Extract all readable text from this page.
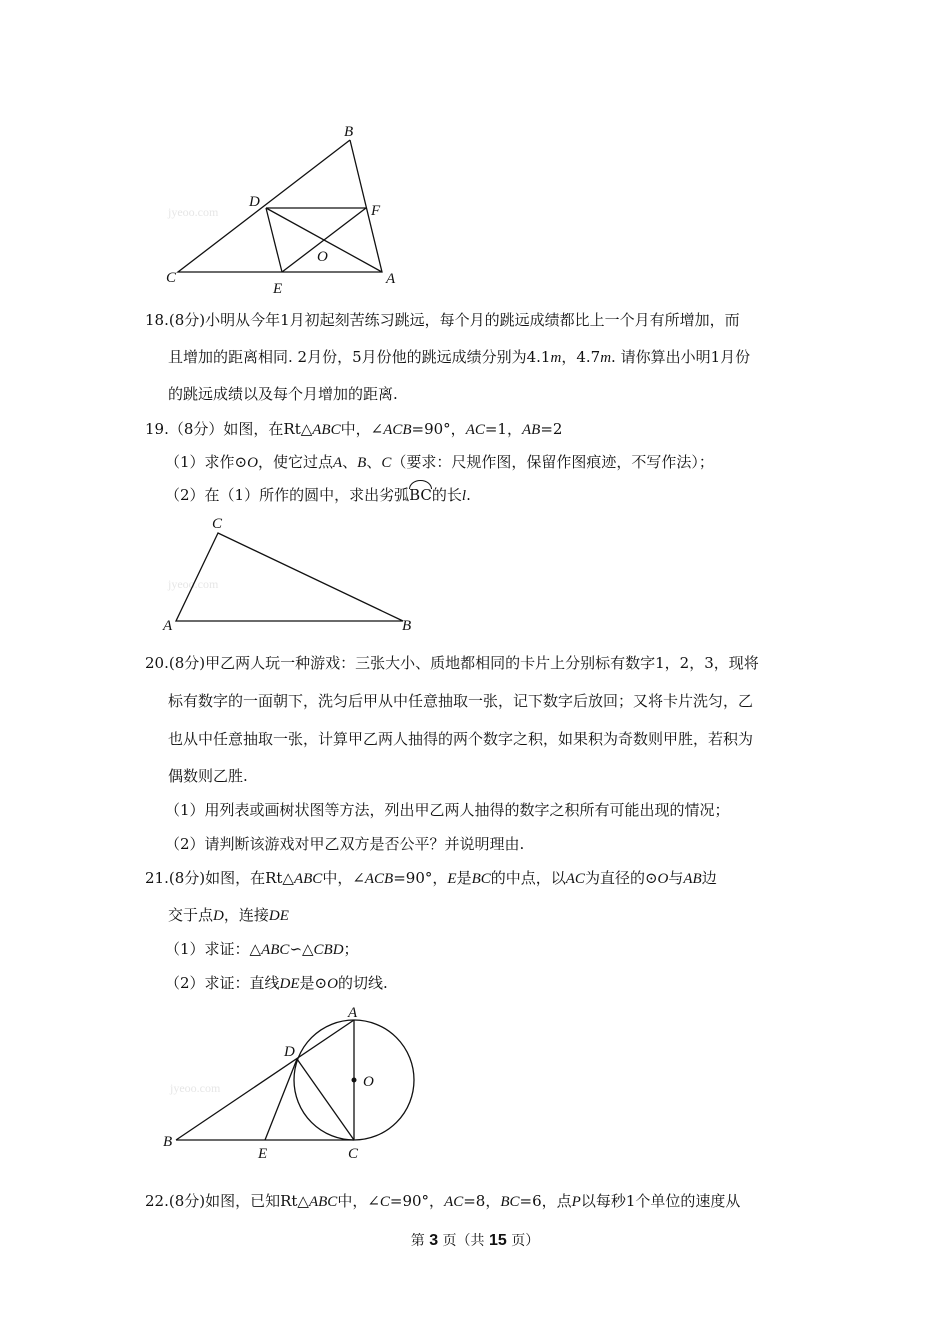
jyeoo.com
B
D
F
O
C
E
A
18.(8分)小明从今年1月初起刻苦练习跳远，每个月的跳远成绩都比上一个月有所增加，而
且增加的距离相同. 2月份，5月份他的跳远成绩分别为4.1m，4.7m. 请你算出小明1月份
的跳远成绩以及每个月增加的距离.
19.（8分）如图，在Rt△ABC中，∠ACB=90°，AC=1，AB=2
（1）求作⊙O，使它过点A、B、C（要求：尺规作图，保留作图痕迹，不写作法）；
（2）在（1）所作的圆中，求出劣弧BC的长l.
jyeoo.com
C
A	B
20.(8分)甲乙两人玩一种游戏：三张大小、质地都相同的卡片上分别标有数字1，2，3，现将
标有数字的一面朝下，洗匀后甲从中任意抽取一张，记下数字后放回；又将卡片洗匀，乙
也从中任意抽取一张，计算甲乙两人抽得的两个数字之积，如果积为奇数则甲胜，若积为
偶数则乙胜.
（1）用列表或画树状图等方法，列出甲乙两人抽得的数字之积所有可能出现的情况；
（2）请判断该游戏对甲乙双方是否公平？并说明理由.
21.(8分)如图，在Rt△ABC中，∠ACB=90°，E是BC的中点，以AC为直径的⊙O与AB边
交于点D，连接DE
（1）求证：△ABC∽△CBD；
（2）求证：直线DE是⊙O的切线.
jyeoo.com
A
D
O
B
E	C
22.(8分)如图，已知Rt△ABC中，∠C=90°，AC=8，BC=6，点P以每秒1个单位的速度从
第 3 页（共 15 页）
